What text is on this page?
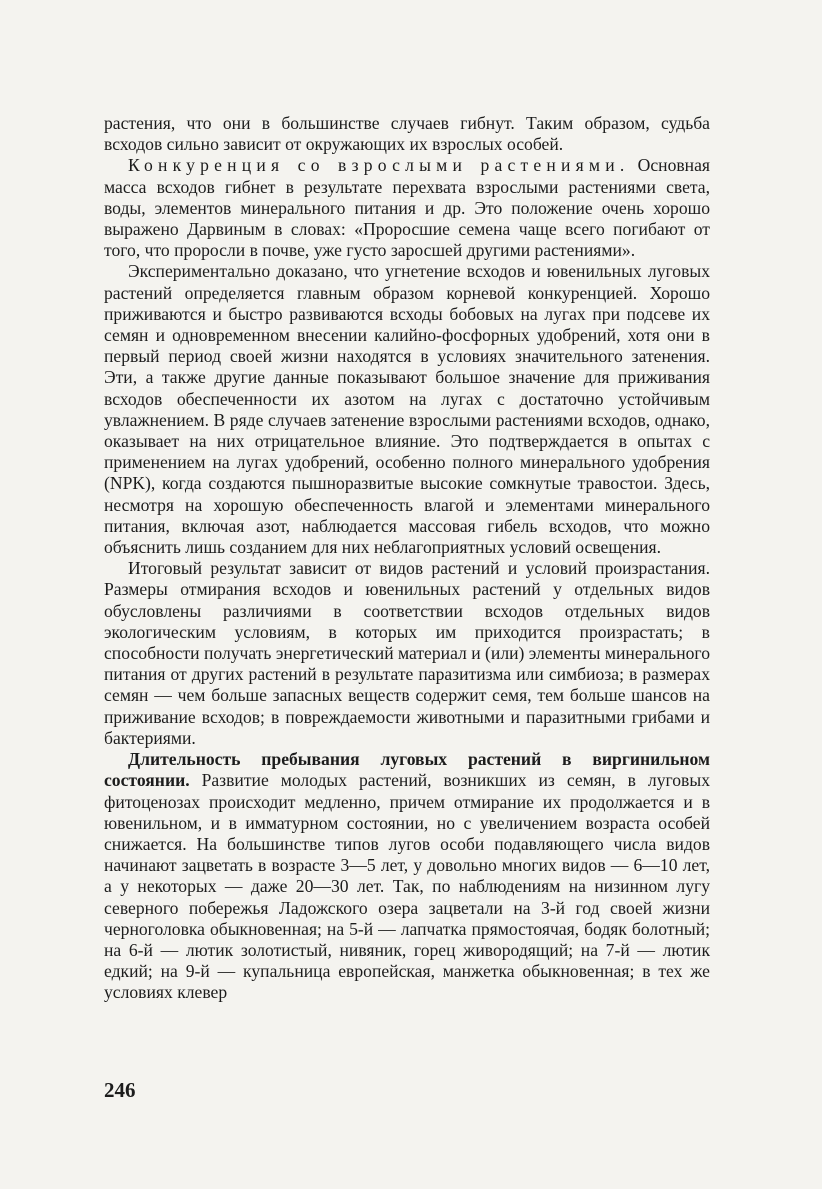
растения, что они в большинстве случаев гибнут. Таким образом, судьба всходов сильно зависит от окружающих их взрослых особей.

Конкуренция со взрослыми растениями. Основная масса всходов гибнет в результате перехвата взрослыми растениями света, воды, элементов минерального питания и др. Это положение очень хорошо выражено Дарвиным в словах: «Проросшие семена чаще всего погибают от того, что проросли в почве, уже густо заросшей другими растениями».

Экспериментально доказано, что угнетение всходов и ювенильных луговых растений определяется главным образом корневой конкуренцией. Хорошо приживаются и быстро развиваются всходы бобовых на лугах при подсеве их семян и одновременном внесении калийно-фосфорных удобрений, хотя они в первый период своей жизни находятся в условиях значительного затенения. Эти, а также другие данные показывают большое значение для приживания всходов обеспеченности их азотом на лугах с достаточно устойчивым увлажнением. В ряде случаев затенение взрослыми растениями всходов, однако, оказывает на них отрицательное влияние. Это подтверждается в опытах с применением на лугах удобрений, особенно полного минерального удобрения (NPK), когда создаются пышноразвитые высокие сомкнутые травостои. Здесь, несмотря на хорошую обеспеченность влагой и элементами минерального питания, включая азот, наблюдается массовая гибель всходов, что можно объяснить лишь созданием для них неблагоприятных условий освещения.

Итоговый результат зависит от видов растений и условий произрастания. Размеры отмирания всходов и ювенильных растений у отдельных видов обусловлены различиями в соответствии всходов отдельных видов экологическим условиям, в которых им приходится произрастать; в способности получать энергетический материал и (или) элементы минерального питания от других растений в результате паразитизма или симбиоза; в размерах семян — чем больше запасных веществ содержит семя, тем больше шансов на приживание всходов; в повреждаемости животными и паразитными грибами и бактериями.

Длительность пребывания луговых растений в виргинильном состоянии. Развитие молодых растений, возникших из семян, в луговых фитоценозах происходит медленно, причем отмирание их продолжается и в ювенильном, и в имматурном состоянии, но с увеличением возраста особей снижается. На большинстве типов лугов особи подавляющего числа видов начинают зацветать в возрасте 3—5 лет, у довольно многих видов — 6—10 лет, а у некоторых — даже 20—30 лет. Так, по наблюдениям на низинном лугу северного побережья Ладожского озера зацветали на 3-й год своей жизни черноголовка обыкновенная; на 5-й — лапчатка прямостоячая, бодяк болотный; на 6-й — лютик золотистый, нивяник, горец живородящий; на 7-й — лютик едкий; на 9-й — купальница европейская, манжетка обыкновенная; в тех же условиях клевер

246
